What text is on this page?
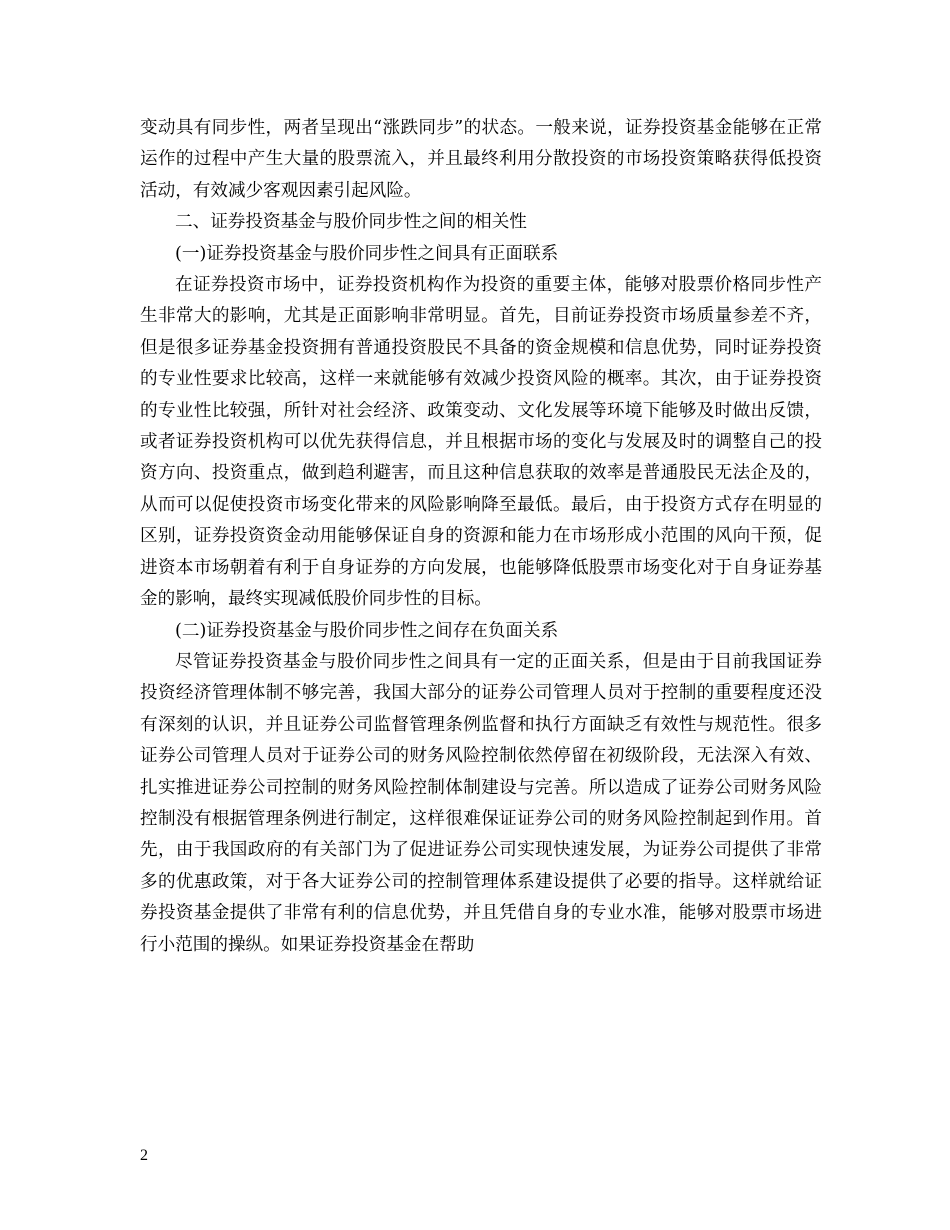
变动具有同步性，两者呈现出“涨跌同步”的状态。一般来说，证券投资基金能够在正常运作的过程中产生大量的股票流入，并且最终利用分散投资的市场投资策略获得低投资活动，有效减少客观因素引起风险。

二、证券投资基金与股价同步性之间的相关性

(一)证券投资基金与股价同步性之间具有正面联系

在证券投资市场中，证券投资机构作为投资的重要主体，能够对股票价格同步性产生非常大的影响，尤其是正面影响非常明显。首先，目前证券投资市场质量参差不齐，但是很多证券基金投资拥有普通投资股民不具备的资金规模和信息优势，同时证券投资的专业性要求比较高，这样一来就能够有效减少投资风险的概率。其次，由于证券投资的专业性比较强，所针对社会经济、政策变动、文化发展等环境下能够及时做出反馈，或者证券投资机构可以优先获得信息，并且根据市场的变化与发展及时的调整自己的投资方向、投资重点，做到趋利避害，而且这种信息获取的效率是普通股民无法企及的，从而可以促使投资市场变化带来的风险影响降至最低。最后，由于投资方式存在明显的区别，证券投资资金动用能够保证自身的资源和能力在市场形成小范围的风向干预，促进资本市场朝着有利于自身证券的方向发展，也能够降低股票市场变化对于自身证券基金的影响，最终实现减低股价同步性的目标。

(二)证券投资基金与股价同步性之间存在负面关系

尽管证券投资基金与股价同步性之间具有一定的正面关系，但是由于目前我国证券投资经济管理体制不够完善，我国大部分的证券公司管理人员对于控制的重要程度还没有深刻的认识，并且证券公司监督管理条例监督和执行方面缺乏有效性与规范性。很多证券公司管理人员对于证券公司的财务风险控制依然停留在初级阶段，无法深入有效、扎实推进证券公司控制的财务风险控制体制建设与完善。所以造成了证券公司财务风险控制没有根据管理条例进行制定，这样很难保证证券公司的财务风险控制起到作用。首先，由于我国政府的有关部门为了促进证券公司实现快速发展，为证券公司提供了非常多的优惠政策，对于各大证券公司的控制管理体系建设提供了必要的指导。这样就给证券投资基金提供了非常有利的信息优势，并且凭借自身的专业水准，能够对股票市场进行小范围的操纵。如果证券投资基金在帮助

2
